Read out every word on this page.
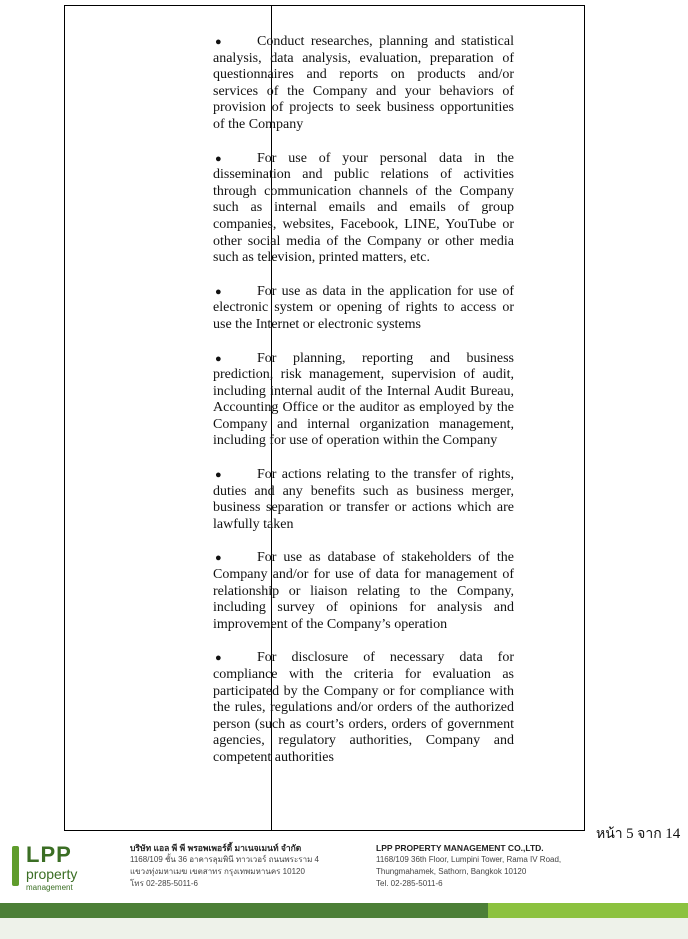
●	Conduct researches, planning and statistical analysis, data analysis, evaluation, preparation of questionnaires and reports on products and/or services of the Company and your behaviors of provision of projects to seek business opportunities of the Company

●	For use of your personal data in the dissemination and public relations of activities through communication channels of the Company such as internal emails and emails of group companies, websites, Facebook, LINE, YouTube or other social media of the Company or other media such as television, printed matters, etc.

●	For use as data in the application for use of electronic system or opening of rights to access or use the Internet or electronic systems

●	For planning, reporting and business prediction, risk management, supervision of audit, including internal audit of the Internal Audit Bureau, Accounting Office or the auditor as employed by the Company and internal organization management, including for use of operation within the Company

●	For actions relating to the transfer of rights, duties and any benefits such as business merger, business separation or transfer or actions which are lawfully taken

●	For use as database of stakeholders of the Company and/or for use of data for management of relationship or liaison relating to the Company, including survey of opinions for analysis and improvement of the Company’s operation

●	For disclosure of necessary data for compliance with the criteria for evaluation as participated by the Company or for compliance with the rules, regulations and/or orders of the authorized person (such as court’s orders, orders of government agencies, regulatory authorities, Company and competent authorities

หน้า 5 จาก 14
LPP
property
management
บริษัท แอล พี พี พรอพเพอร์ตี้ มาเนจเมนท์ จำกัด
1168/109 ชั้น 36 อาคารลุมพินี ทาวเวอร์ ถนนพระราม 4
แขวงทุ่งมหาเมฆ เขตสาทร กรุงเทพมหานคร 10120
โทร 02-285-5011-6
LPP PROPERTY MANAGEMENT CO.,LTD.
1168/109 36th Floor, Lumpini Tower, Rama IV Road,
Thungmahamek, Sathorn, Bangkok 10120
Tel. 02-285-5011-6
